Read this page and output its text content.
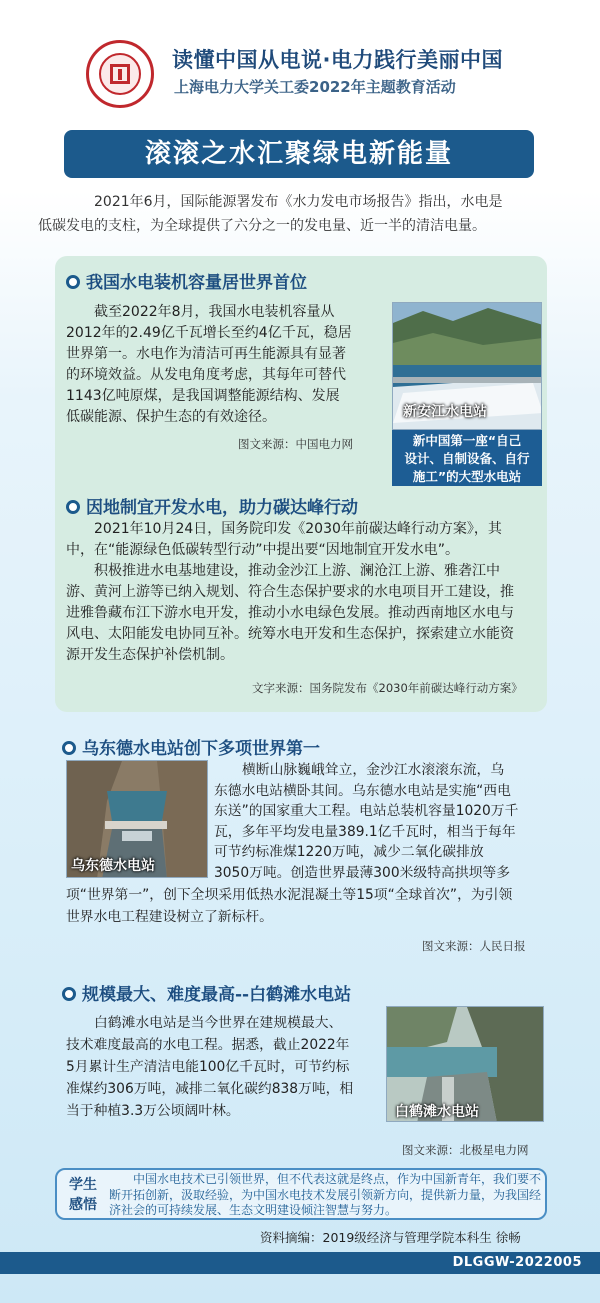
读懂中国从电说·电力践行美丽中国
上海电力大学关工委2022年主题教育活动
滚滚之水汇聚绿电新能量
2021年6月，国际能源署发布《水力发电市场报告》指出，水电是
低碳发电的支柱，为全球提供了六分之一的发电量、近一半的清洁电量。
我国水电装机容量居世界首位
截至2022年8月，我国水电装机容量从
2012年的2.49亿千瓦增长至约4亿千瓦，稳居
世界第一。水电作为清洁可再生能源具有显著
的环境效益。从发电角度考虑，其每年可替代
1143亿吨原煤，是我国调整能源结构、发展
低碳能源、保护生态的有效途径。
图文来源：中国电力网
新安江水电站
新中国第一座“自己
设计、自制设备、自行
施工”的大型水电站
因地制宜开发水电，助力碳达峰行动
2021年10月24日，国务院印发《2030年前碳达峰行动方案》，其
中，在“能源绿色低碳转型行动”中提出要“因地制宜开发水电”。
积极推进水电基地建设，推动金沙江上游、澜沧江上游、雅砻江中
游、黄河上游等已纳入规划、符合生态保护要求的水电项目开工建设，推
进雅鲁藏布江下游水电开发，推动小水电绿色发展。推动西南地区水电与
风电、太阳能发电协同互补。统筹水电开发和生态保护，探索建立水能资
源开发生态保护补偿机制。
文字来源：国务院发布《2030年前碳达峰行动方案》
乌东德水电站创下多项世界第一
乌东德水电站
横断山脉巍峨耸立，金沙江水滚滚东流，乌
东德水电站横卧其间。乌东德水电站是实施“西电
东送”的国家重大工程。电站总装机容量1020万千
瓦，多年平均发电量389.1亿千瓦时，相当于每年
可节约标准煤1220万吨，减少二氧化碳排放
3050万吨。创造世界最薄300米级特高拱坝等多
项“世界第一”，创下全坝采用低热水泥混凝土等15项“全球首次”，为引领
世界水电工程建设树立了新标杆。
图文来源：人民日报
规模最大、难度最高--白鹤滩水电站
白鹤滩水电站是当今世界在建规模最大、
技术难度最高的水电工程。据悉，截止2022年
5月累计生产清洁电能100亿千瓦时，可节约标
准煤约306万吨，减排二氧化碳约838万吨，相
当于种植3.3万公顷阔叶林。	白鹤滩水电站
图文来源：北极星电力网
学生
感悟
中国水电技术已引领世界，但不代表这就是终点，作为中国新青年，我们要不断开拓创新，汲取经验，为中国水电技术发展引领新方向，提供新力量，为我国经济社会的可持续发展、生态文明建设倾注智慧与努力。
资料摘编：2019级经济与管理学院本科生 徐畅
DLGGW-2022005
